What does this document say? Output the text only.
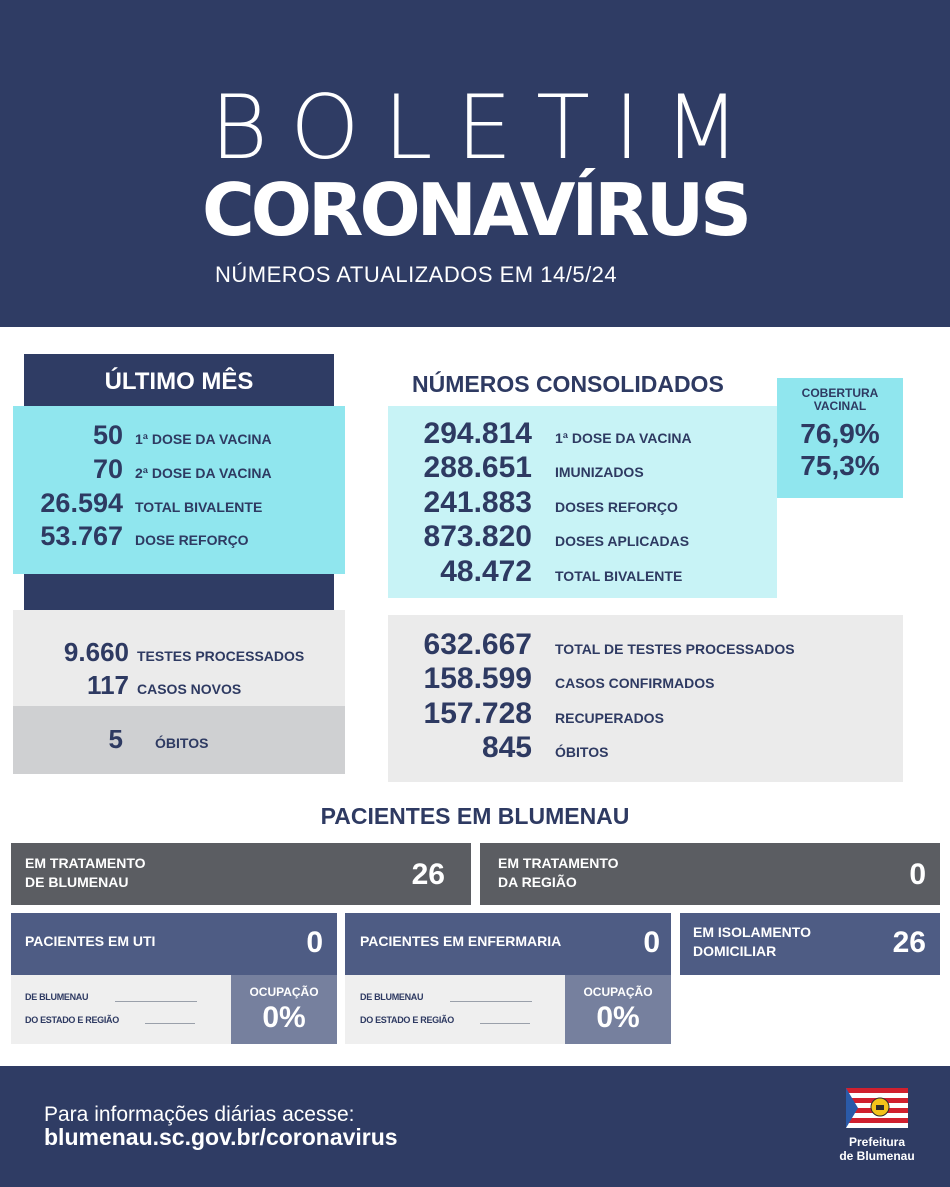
BOLETIM
CORONAVÍRUS
NÚMEROS ATUALIZADOS EM 14/5/24
ÚLTIMO MÊS
50 1ª DOSE DA VACINA
70 2ª DOSE DA VACINA
26.594 TOTAL BIVALENTE
53.767 DOSE REFORÇO
9.660 TESTES PROCESSADOS
117 CASOS NOVOS
5 ÓBITOS
NÚMEROS CONSOLIDADOS
294.814 1ª DOSE DA VACINA
288.651 IMUNIZADOS
241.883 DOSES REFORÇO
873.820 DOSES APLICADAS
48.472 TOTAL BIVALENTE
COBERTURA
VACINAL
76,9%
75,3%
632.667 TOTAL DE TESTES PROCESSADOS
158.599 CASOS CONFIRMADOS
157.728 RECUPERADOS
845 ÓBITOS
PACIENTES EM BLUMENAU
EM TRATAMENTO
DE BLUMENAU	26	EM TRATAMENTO
DA REGIÃO	0
PACIENTES EM UTI	0
DE BLUMENAU
DO ESTADO E REGIÃO
OCUPAÇÃO
0%
PACIENTES EM ENFERMARIA	0
DE BLUMENAU
DO ESTADO E REGIÃO
OCUPAÇÃO
0%
EM ISOLAMENTO
DOMICILIAR	26
Para informações diárias acesse:
blumenau.sc.gov.br/coronavirus	Prefeitura
de Blumenau
